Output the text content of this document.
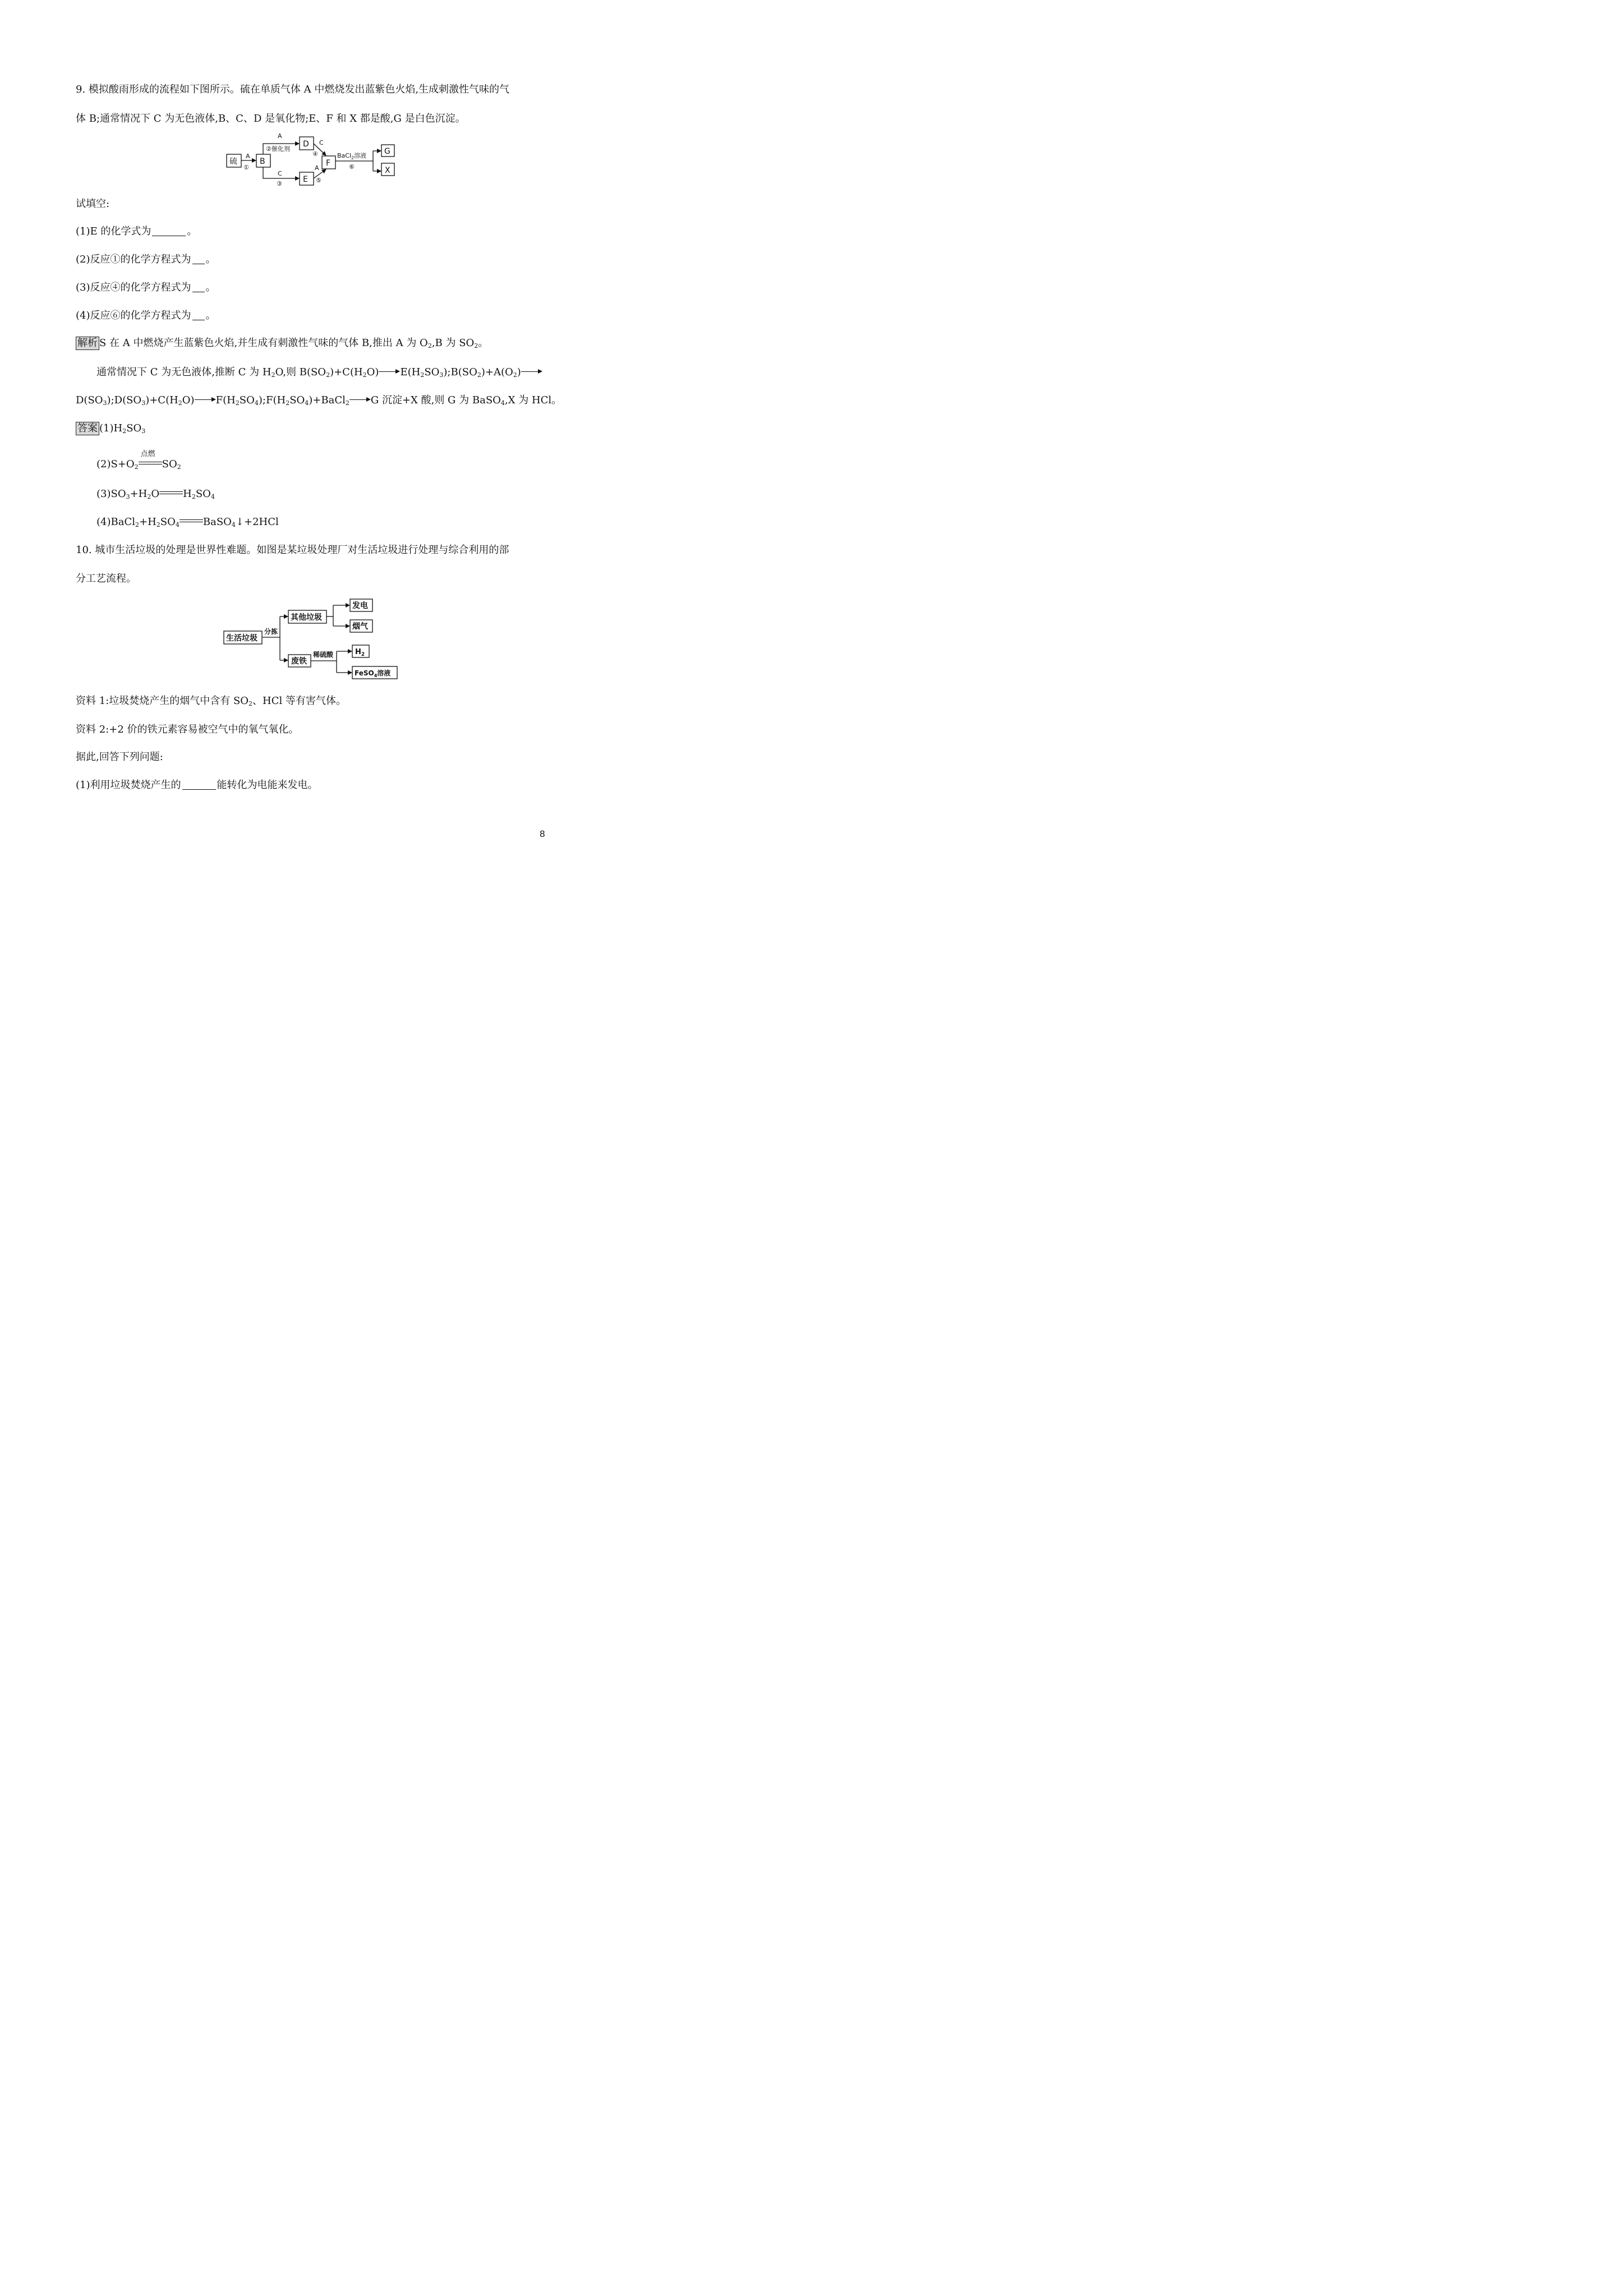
9. 模拟酸雨形成的流程如下图所示。硫在单质气体 A 中燃烧发出蓝紫色火焰,生成刺激性气味的气
体 B;通常情况下 C 为无色液体,B、C、D 是氧化物;E、F 和 X 都是酸,G 是白色沉淀。
硫	B
D
E
F
G
X
A
①
A
②催化剂
C
③
C
④
A
⑤
BaCl$_2$溶液
⑥
试填空:
(1)E 的化学式为	。
(2)反应①的化学方程式为 。
(3)反应④的化学方程式为 。
(4)反应⑥的化学方程式为 。
解析 S 在 A 中燃烧产生蓝紫色火焰,并生成有刺激性气味的气体 B,推出 A 为 $O_2,B$ 为 $SO_2$。
通常情况下 C 为无色液体,推断 C 为 $H_2O$,则 $B(SO_2)+C(H_2O)$ $E(H_2SO_3);B(SO_2)+A(O_2)$
$D(SO_3);D(SO_3)+C(H_2O)$ $F(H_2SO_4);F(H_2SO_4)+BaCl_2$ G 沉淀+X 酸,则 G 为 BaSO$_4$,X 为 HCl。
答案 $(1)H_2SO_3$
$(2)S+O_2$
点燃
$SO_2$
$(3)SO_3+H_2O$ $H_2SO_4$
$(4)BaCl_2+H_2SO_4$ BaSO$_4$↓+2HCl
10. 城市生活垃圾的处理是世界性难题。如图是某垃圾处理厂对生活垃圾进行处理与综合利用的部
分工艺流程。
生活垃圾
其他垃圾
发电
烟气
废铁
$H_2$
FeSO$_4$溶液
分拣
稀硫酸
资料 1:垃圾焚烧产生的烟气中含有 $SO_2$、HCl 等有害气体。
资料 2:+2 价的铁元素容易被空气中的氧气氧化。
据此,回答下列问题:
(1)利用垃圾焚烧产生的	能转化为电能来发电。
8
